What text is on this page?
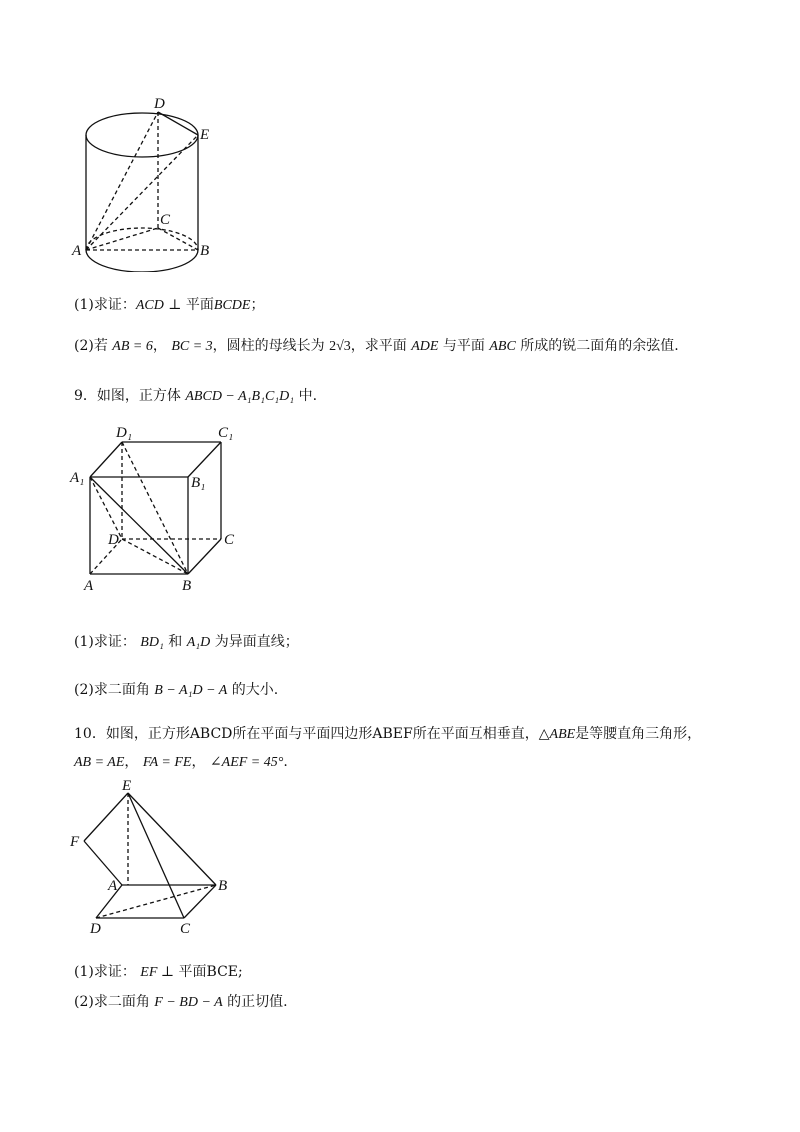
D
E
C
A	B
(1)求证：ACD ⊥ 平面BCDE；
(2)若 AB = 6， BC = 3，圆柱的母线长为 2√3，求平面 ADE 与平面 ABC 所成的锐二面角的余弦值.
9．如图，正方体 ABCD − A₁B₁C₁D₁ 中.
D₁	C₁
A₁	B₁
D	C
A	B
(1)求证： BD₁ 和 A₁D 为异面直线；
(2)求二面角 B − A₁D − A 的大小.
10．如图，正方形ABCD所在平面与平面四边形ABEF所在平面互相垂直，△ABE是等腰直角三角形，
AB = AE， FA = FE， ∠AEF = 45°.
E
F
A	B
D	C
(1)求证： EF ⊥ 平面BCE;
(2)求二面角 F − BD − A 的正切值.
